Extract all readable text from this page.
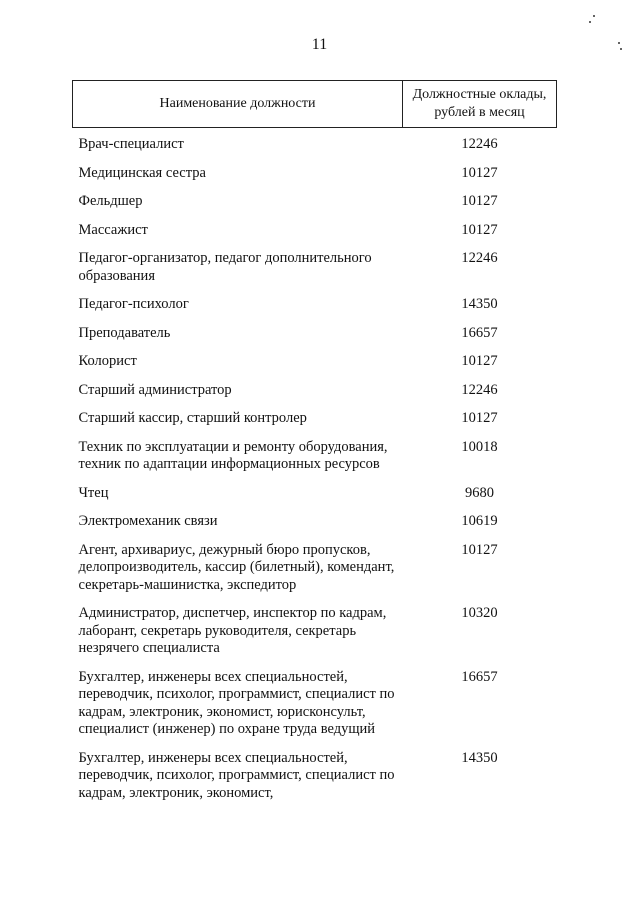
11
Наименование должности	Должностные оклады, рублей в месяц
Врач-специалист	12246
Медицинская сестра	10127
Фельдшер	10127
Массажист	10127
Педагог-организатор, педагог дополнительного образования	12246
Педагог-психолог	14350
Преподаватель	16657
Колорист	10127
Старший администратор	12246
Старший кассир, старший контролер	10127
Техник по эксплуатации и ремонту оборудования, техник по адаптации информационных ресурсов	10018
Чтец	9680
Электромеханик связи	10619
Агент, архивариус, дежурный бюро пропусков, делопроизводитель, кассир (билетный), комендант, секретарь-машинистка, экспедитор	10127
Администратор, диспетчер, инспектор по кадрам, лаборант, секретарь руководителя, секретарь незрячего специалиста	10320
Бухгалтер, инженеры всех специальностей, переводчик, психолог, программист, специалист по кадрам, электроник, экономист, юрисконсульт, специалист (инженер) по охране труда ведущий	16657
Бухгалтер, инженеры всех специальностей, переводчик, психолог, программист, специалист по кадрам, электроник, экономист,	14350
